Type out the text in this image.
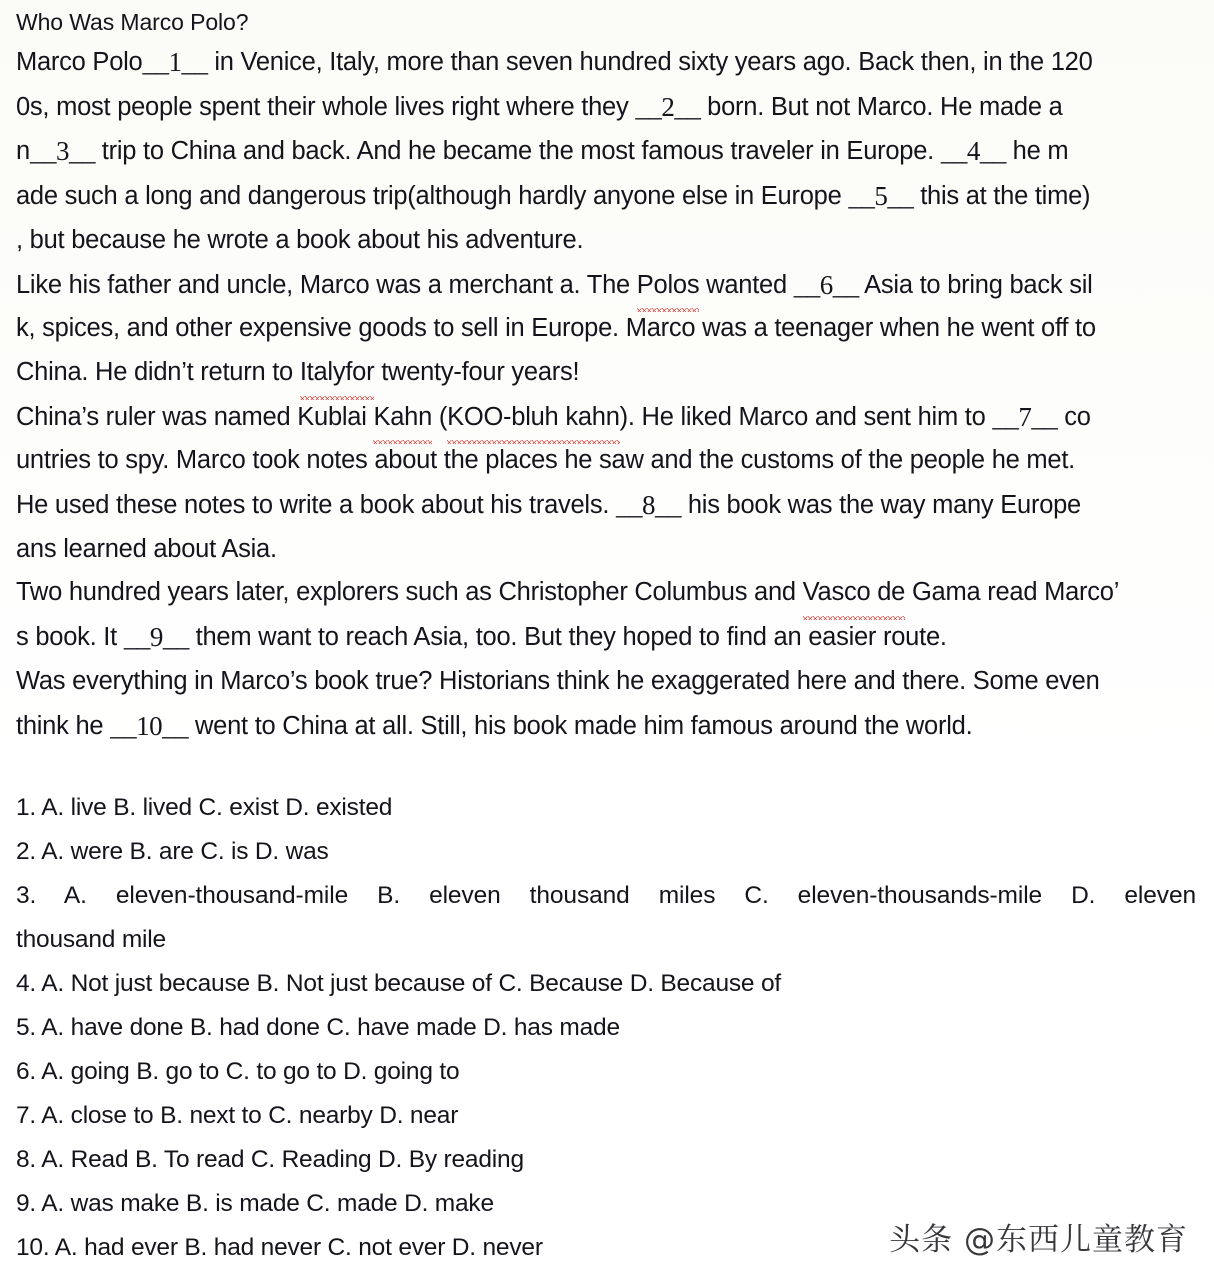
Who Was Marco Polo?
Marco Polo__1__ in Venice, Italy, more than seven hundred sixty years ago. Back then, in the 120
0s, most people spent their whole lives right where they __2__ born. But not Marco. He made a
n__3__ trip to China and back. And he became the most famous traveler in Europe. __4__ he m
ade such a long and dangerous trip(although hardly anyone else in Europe __5__ this at the time)
, but because he wrote a book about his adventure.
Like his father and uncle, Marco was a merchant a. The Polos wanted __6__ Asia to bring back sil
k, spices, and other expensive goods to sell in Europe. Marco was a teenager when he went off to
China. He didn’t return to Italyfor twenty-four years!
China’s ruler was named Kublai Kahn (KOO-bluh kahn). He liked Marco and sent him to __7__ co
untries to spy. Marco took notes about the places he saw and the customs of the people he met.
He used these notes to write a book about his travels. __8__ his book was the way many Europe
ans learned about Asia.
Two hundred years later, explorers such as Christopher Columbus and Vasco de Gama read Marco’
s book. It __9__ them want to reach Asia, too. But they hoped to find an easier route.
Was everything in Marco’s book true? Historians think he exaggerated here and there. Some even
think he __10__ went to China at all. Still, his book made him famous around the world.
1. A. live B. lived C. exist D. existed
2. A. were B. are C. is D. was
3. A. eleven-thousand-mile B. eleven thousand miles C. eleven-thousands-mile D. eleven
thousand mile
4. A. Not just because B. Not just because of C. Because D. Because of
5. A. have done B. had done C. have made D. has made
6. A. going B. go to C. to go to D. going to
7. A. close to B. next to C. nearby D. near
8. A. Read B. To read C. Reading D. By reading
9. A. was make B. is made C. made D. make
10. A. had ever B. had never C. not ever D. never	头条 @东西儿童教育
